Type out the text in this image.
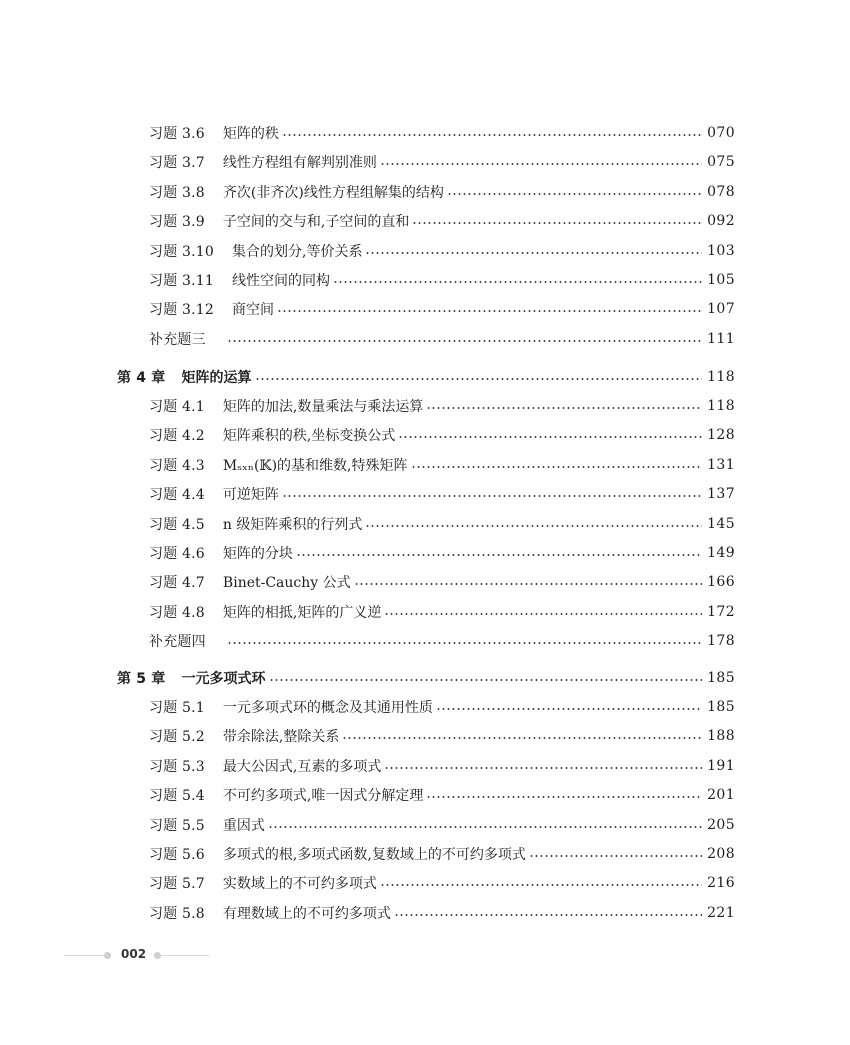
习题 3.6 矩阵的秩	070
习题 3.7 线性方程组有解判别准则	075
习题 3.8 齐次(非齐次)线性方程组解集的结构	078
习题 3.9 子空间的交与和,子空间的直和	092
习题 3.10 集合的划分,等价关系	103
习题 3.11 线性空间的同构	105
习题 3.12 商空间	107
补充题三	111
第 4 章 矩阵的运算	118
习题 4.1 矩阵的加法,数量乘法与乘法运算	118
习题 4.2 矩阵乘积的秩,坐标变换公式	128
习题 4.3 Mₛₓₙ(𝕂)的基和维数,特殊矩阵	131
习题 4.4 可逆矩阵	137
习题 4.5 n 级矩阵乘积的行列式	145
习题 4.6 矩阵的分块	149
习题 4.7 Binet-Cauchy 公式	166
习题 4.8 矩阵的相抵,矩阵的广义逆	172
补充题四	178
第 5 章 一元多项式环	185
习题 5.1 一元多项式环的概念及其通用性质	185
习题 5.2 带余除法,整除关系	188
习题 5.3 最大公因式,互素的多项式	191
习题 5.4 不可约多项式,唯一因式分解定理	201
习题 5.5 重因式	205
习题 5.6 多项式的根,多项式函数,复数域上的不可约多项式	208
习题 5.7 实数域上的不可约多项式	216
习题 5.8 有理数域上的不可约多项式	221
002
